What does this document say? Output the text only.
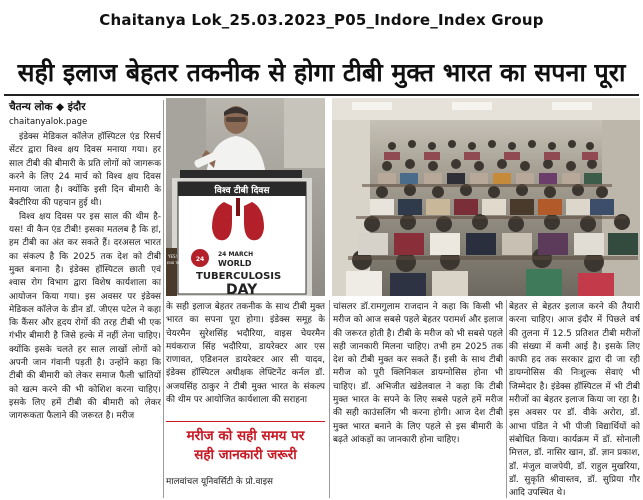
Chaitanya Lok_25.03.2023_P05_Indore_Index Group
सही इलाज बेहतर तकनीक से होगा टीबी मुक्त भारत का सपना पूरा
चैतन्य लोक ◆ इंदौर
chaitanyalok.page

इंडेक्स मेडिकल कॉलेज हॉस्पिटल एंड रिसर्च सेंटर द्वारा विश्व क्षय दिवस मनाया गया। हर साल टीबी की बीमारी के प्रति लोगों को जागरूक करने के लिए 24 मार्च को विश्व क्षय दिवस मनाया जाता है। क्योंकि इसी दिन बीमारी के बैक्टीरिया की पहचान हुई थी।

विश्व क्षय दिवस पर इस साल की थीम है- यस! वी कैन एंड टीबी! इसका मतलब है कि हां, हम टीबी का अंत कर सकते हैं। दरअसल भारत का संकल्प है कि 2025 तक देश को टीबी मुक्त बनाना है। इंडेक्स हॉस्पिटल छाती एवं श्वास रोग विभाग द्वारा विशेष कार्यशाला का आयोजन किया गया। इस अवसर पर इंडेक्स मेडिकल कॉलेज के डीन डॉ. जीएस पटेल ने कहा कि कैंसर और हृदय रोगों की तरह टीबी भी एक गंभीर बीमारी है जिसे हल्के में नहीं लेना चाहिए। क्योंकि इसके चलते हर साल लाखों लोगों को अपनी जान गंवानी पड़ती है। उन्होंने कहा कि टीबी की बीमारी को लेकर समाज फैली भ्रांतियों को खत्म करने की भी कोशिश करना चाहिए।इसके लिए हमें टीबी की बीमारी को लेकर जागरूकता फैलाने की जरूरत है। मरीज

विश्व टीबी दिवस
24
24 MARCH
WORLD
TUBERCULOSIS
DAY
YES!
END TB
के सही इलाज बेहतर तकनीक के साथ टीबी मुक्त भारत का सपना पूरा होगा। इंडेक्स समूह के चेयरमैन सुरेशसिंह भदौरिया, वाइस चेयरमैन मयंकराज सिंह भदौरिया, डायरेक्टर आर एस राणावत, एडिशनल डायरेक्टर आर सी यादव, इंडेक्स हॉस्पिटल अधीक्षक लेफ्टिनेंट कर्नल डॉ. अजयसिंह ठाकुर ने टीबी मुक्त भारत के संकल्प की थीम पर आयोजित कार्यशाला की सराहना
मरीज को सही समय पर
सही जानकारी जरूरी
मालवांचल यूनिवर्सिटी के प्रो.वाइस
चांसलर डॉ.रामगुलाम राजदान ने कहा कि किसी भी मरीज को आज सबसे पहले बेहतर परामर्श और इलाज की जरूरत होती है। टीबी के मरीज को भी सबसे पहले सही जानकारी मिलना चाहिए। तभी हम 2025 तक देश को टीबी मुक्त कर सकते हैं। इसी के साथ टीबी मरीज को पूरी क्लिनिकल डायग्नोसिस होना भी चाहिए। डॉ. अभिजीत खंडेलवाल ने कहा कि टीबी मुक्त भारत के सपने के लिए सबसे पहले हमें मरीज की सही काउंसलिंग भी करना होगी। आज देश टीबी मुक्त भारत बनाने के लिए पहले से इस बीमारी के बढ़ते आंकड़ों का जानकारी होना चाहिए।
बेहतर से बेहतर इलाज करने की तैयारी करना चाहिए। आज इंदौर में पिछले वर्ष की तुलना में 12.5 प्रतिशत टीबी मरीजों की संख्या में कमी आई है। इसके लिए काफी हद तक सरकार द्वारा दी जा रही डायग्नोसिस की निःशुल्क सेवाएं भी जिम्मेदार है। इंडेक्स हॉस्पिटल में भी टीबी मरीजों का बेहतर इलाज किया जा रहा है। इस अवसर पर डॉ. वीके अरोरा, डॉ. आभा पंडित ने भी पीजी विद्यार्थियों को संबोधित किया। कार्यक्रम में डॉ. सोनाली मित्तल, डॉ. नासिर खान, डॉ. ज्ञान प्रकाश, डॉ. मंजुल वाजपेयी, डॉ. राहुल मुखरिया, डॉ. सुकृति श्रीवास्तव, डॉ. सुप्रिया गौर आदि उपस्थित थे।
